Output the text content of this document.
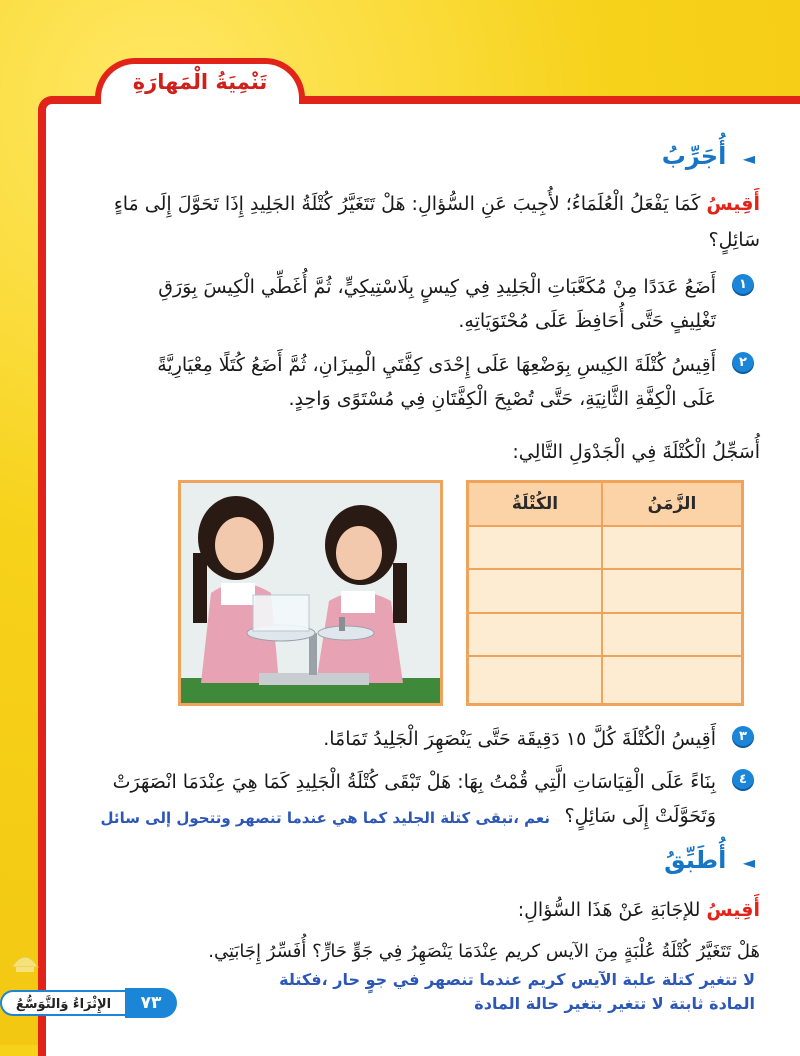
تَنْمِيَةُ الْمَهارَةِ
◄ أُجَرِّبُ
أَقِيسُ كَمَا يَفْعَلُ الْعُلَمَاءُ؛ لأُجِيبَ عَنِ السُّؤالِ: هَلْ تَتَغَيَّرُ كُتْلَةُ الجَلِيدِ إِذَا تَحَوَّلَ إِلَى مَاءٍ
سَائِلٍ؟
١
أَضَعُ عَدَدًا مِنْ مُكَعَّبَاتِ الْجَلِيدِ فِي كِيسٍ بِلَاسْتِيكِيٍّ، ثُمَّ أُغَطِّي الْكِيسَ بِوَرَقِ
تَغْلِيفٍ حَتَّى أُحَافِظَ عَلَى مُحْتَوَيَاتِهِ.
٢
أَقِيسُ كُتْلَةَ الكِيسِ بِوَضْعِهَا عَلَى إِحْدَى كِفَّتَيِ الْمِيزَانِ، ثُمَّ أَضَعُ كُتَلًا مِعْيَارِيَّةً
عَلَى الْكِفَّةِ الثَّانِيَةِ، حَتَّى تُصْبِحَ الْكِفَّتَانِ فِي مُسْتَوًى وَاحِدٍ.
أُسَجِّلُ الْكُتْلَةَ فِي الْجَدْوَلِ التَّالِي:
الكُتْلَةُ	الزَّمَنُ

٣
أَقِيسُ الْكُتْلَةَ كُلَّ ١٥ دَقِيقَة حَتَّى يَنْصَهِرَ الْجَلِيدُ تَمَامًا.
٤
بِنَاءً عَلَى الْقِيَاسَاتِ الَّتِي قُمْتُ بِهَا: هَلْ تَبْقَى كُتْلَةُ الْجَلِيدِ كَمَا هِيَ عِنْدَمَا انْصَهَرَتْ
وَتَحَوَّلَتْ إِلَى سَائِلٍ؟
نعم ،تبقى كتلة الجليد كما هي عندما تنصهر وتتحول إلى سائل
◄ أُطَبِّقُ
أَقِيسُ للإجَابَةِ عَنْ هَذَا السُّؤالِ:
هَلْ تَتَغَيَّرُ كُتْلَةُ عُلْبَةٍ مِنَ الآيس كريم عِنْدَمَا يَنْصَهِرُ فِي جَوٍّ حَارٍّ؟ أُفَسِّرُ إِجَابَتِي.
لا تتغير كتلة علبة الآيس كريم عندما تنصهر في جوٍ حار ،فكتلة
المادة ثابتة لا تتغير بتغير حالة المادة
الإِثْرَاءُ وَالتَّوَسُّعُ	٧٣
